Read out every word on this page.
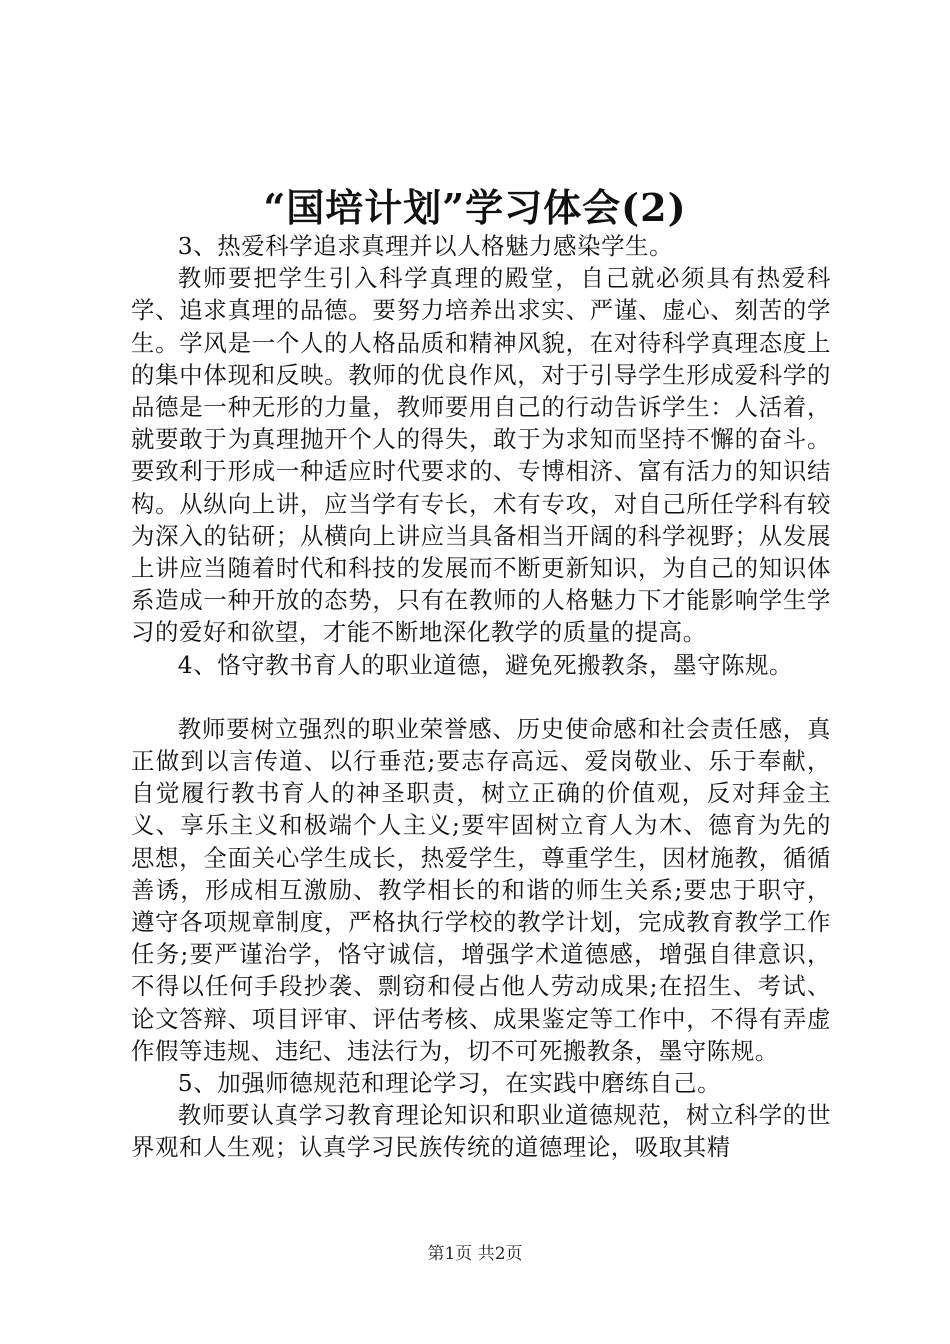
“国培计划”学习体会(2)

3、热爱科学追求真理并以人格魅力感染学生。

教师要把学生引入科学真理的殿堂，自己就必须具有热爱科学、追求真理的品德。要努力培养出求实、严谨、虚心、刻苦的学生。学风是一个人的人格品质和精神风貌，在对待科学真理态度上的集中体现和反映。教师的优良作风，对于引导学生形成爱科学的品德是一种无形的力量，教师要用自己的行动告诉学生：人活着，就要敢于为真理抛开个人的得失，敢于为求知而坚持不懈的奋斗。要致利于形成一种适应时代要求的、专博相济、富有活力的知识结构。从纵向上讲，应当学有专长，术有专攻，对自己所任学科有较为深入的钻研；从横向上讲应当具备相当开阔的科学视野；从发展上讲应当随着时代和科技的发展而不断更新知识，为自己的知识体系造成一种开放的态势，只有在教师的人格魅力下才能影响学生学习的爱好和欲望，才能不断地深化教学的质量的提高。

4、恪守教书育人的职业道德，避免死搬教条，墨守陈规。

教师要树立强烈的职业荣誉感、历史使命感和社会责任感，真正做到以言传道、以行垂范;要志存高远、爱岗敬业、乐于奉献，自觉履行教书育人的神圣职责，树立正确的价值观，反对拜金主义、享乐主义和极端个人主义;要牢固树立育人为木、德育为先的思想，全面关心学生成长，热爱学生，尊重学生，因材施教，循循善诱，形成相互激励、教学相长的和谐的师生关系;要忠于职守，遵守各项规章制度，严格执行学校的教学计划，完成教育教学工作任务;要严谨治学，恪守诚信，增强学术道德感，增强自律意识，不得以任何手段抄袭、剽窃和侵占他人劳动成果;在招生、考试、论文答辩、项目评审、评估考核、成果鉴定等工作中，不得有弄虚作假等违规、违纪、违法行为，切不可死搬教条，墨守陈规。

5、加强师德规范和理论学习，在实践中磨练自己。

教师要认真学习教育理论知识和职业道德规范，树立科学的世界观和人生观；认真学习民族传统的道德理论，吸取其精

第1页 共2页
